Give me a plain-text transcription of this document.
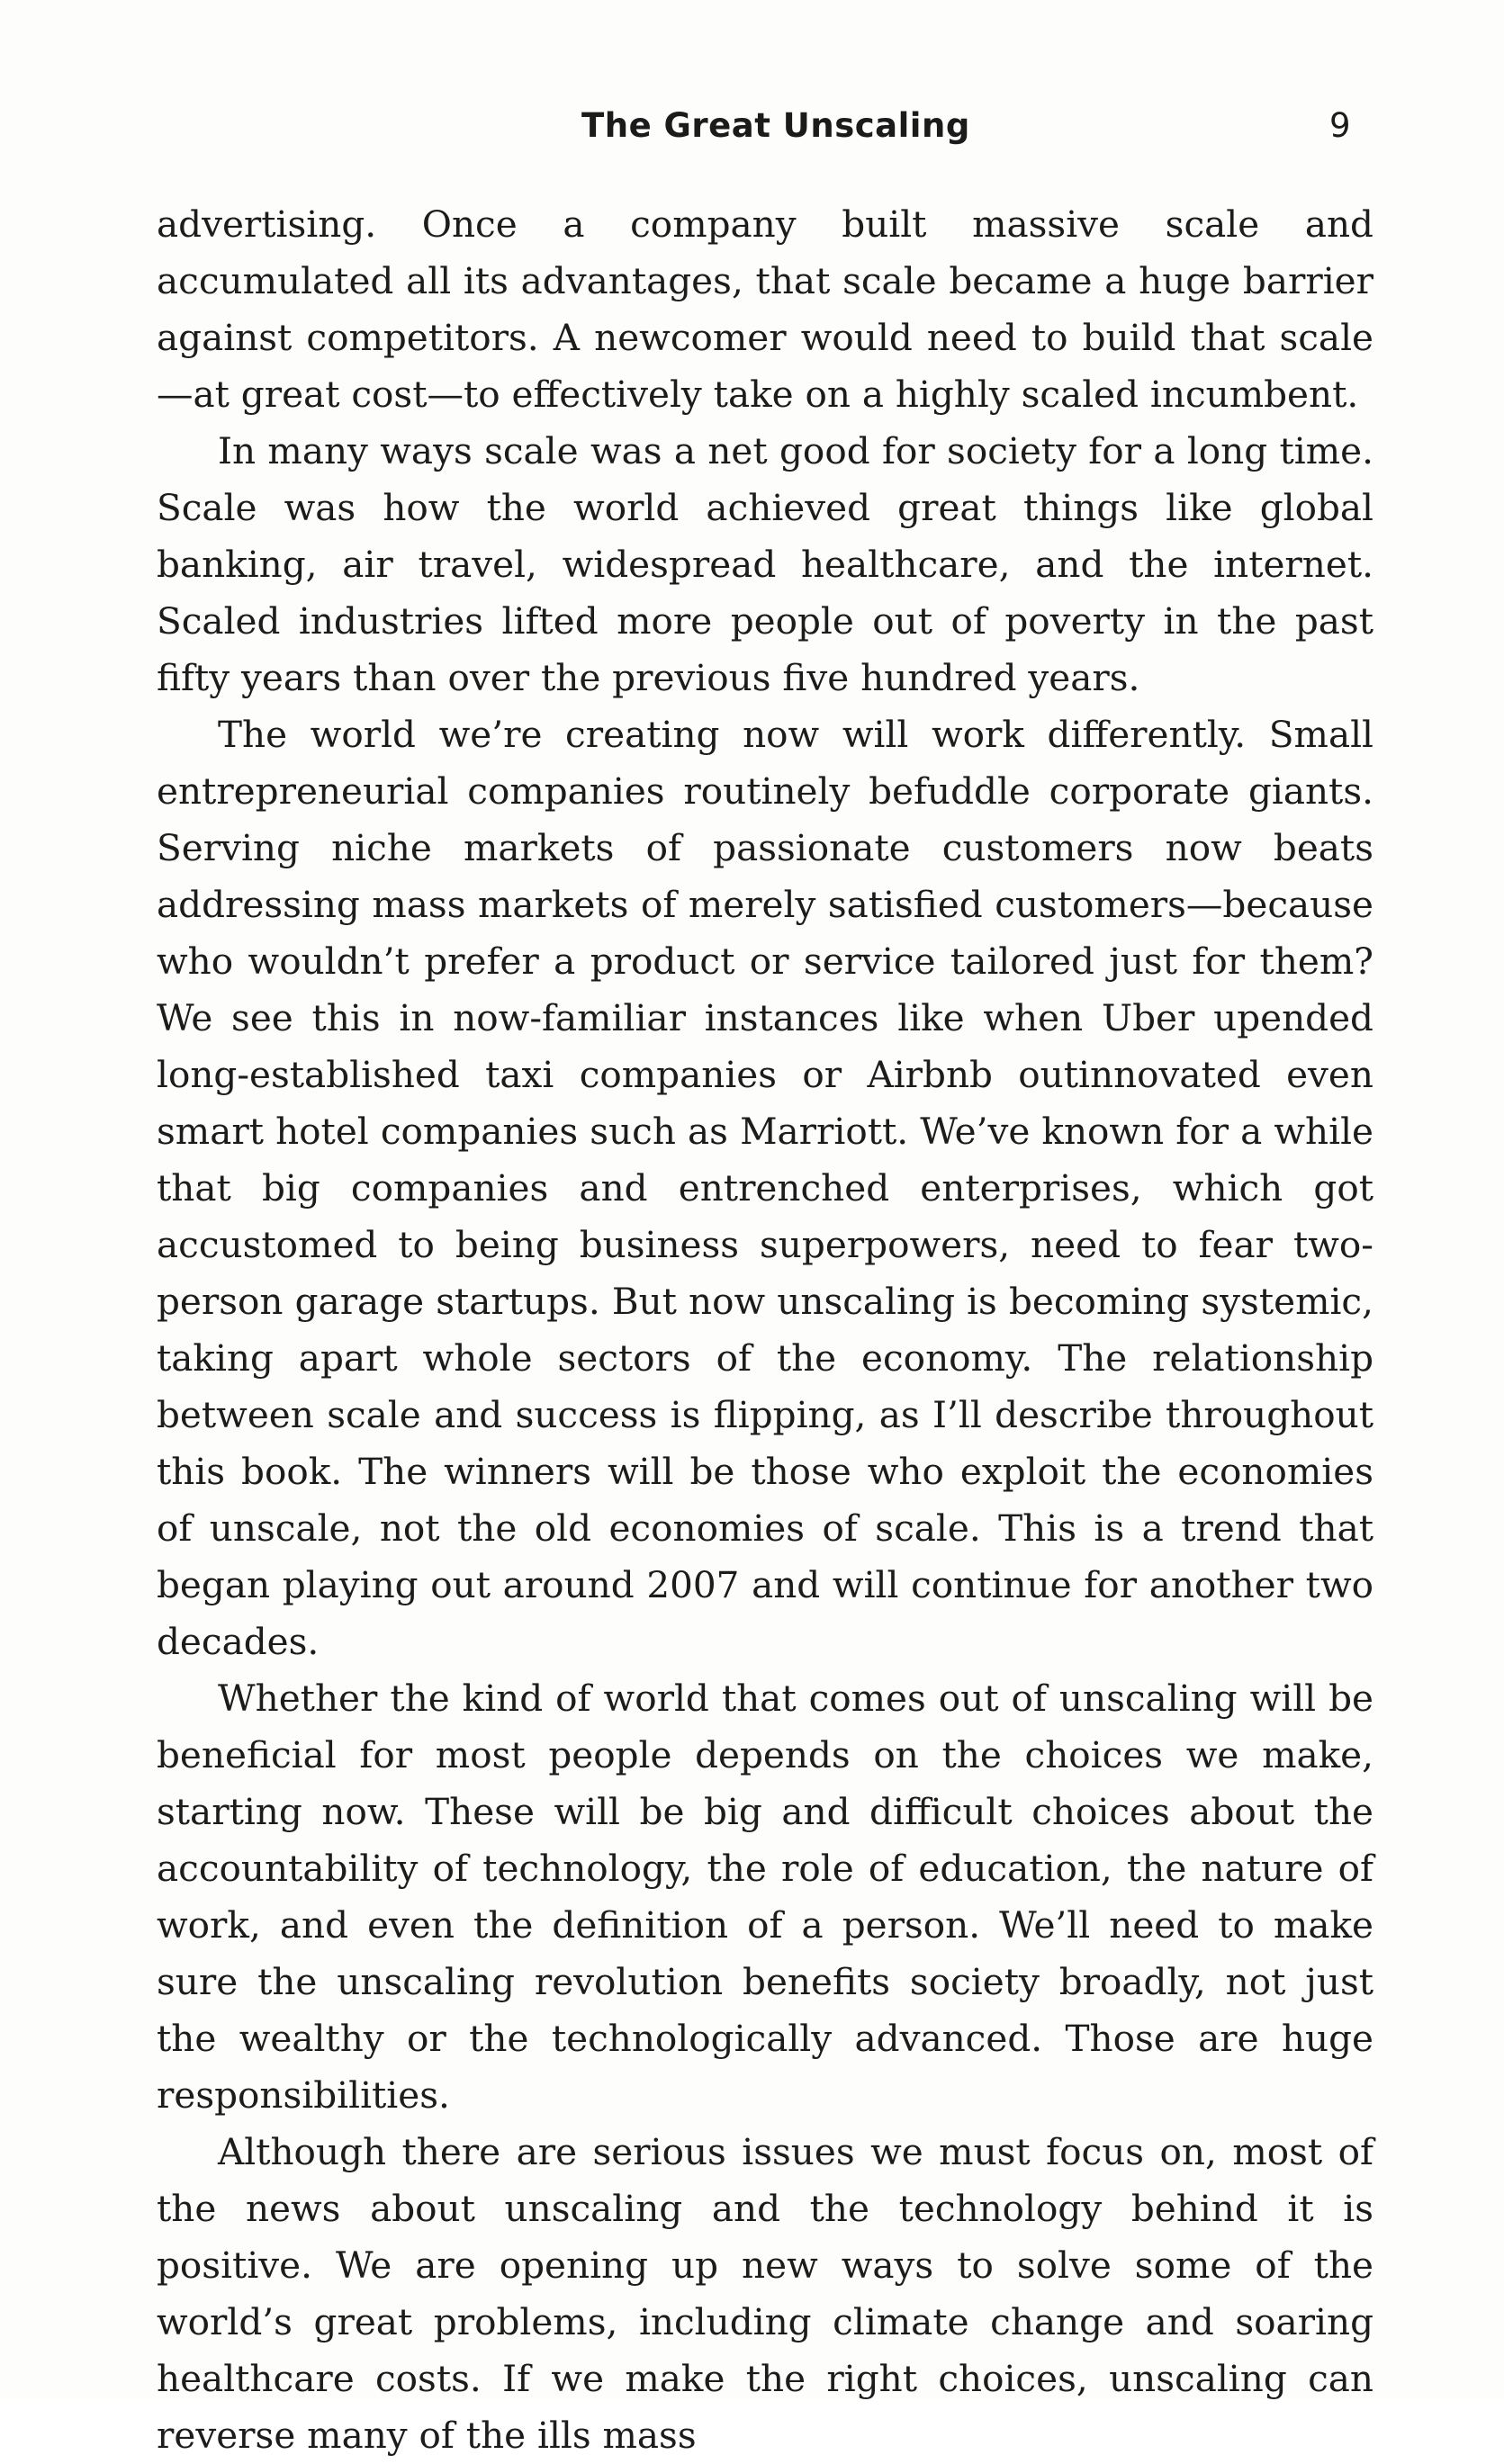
The Great Unscaling	9

advertising. Once a company built massive scale and accumulated all its advantages, that scale became a huge barrier against competitors. A newcomer would need to build that scale—at great cost—to effectively take on a highly scaled incumbent.

In many ways scale was a net good for society for a long time. Scale was how the world achieved great things like global banking, air travel, widespread healthcare, and the internet. Scaled industries lifted more people out of poverty in the past fifty years than over the previous five hundred years.

The world we’re creating now will work differently. Small entrepreneurial companies routinely befuddle corporate giants. Serving niche markets of passionate customers now beats addressing mass markets of merely satisfied customers—because who wouldn’t prefer a product or service tailored just for them? We see this in now-familiar instances like when Uber upended long-established taxi companies or Airbnb outinnovated even smart hotel companies such as Marriott. We’ve known for a while that big companies and entrenched enterprises, which got accustomed to being business superpowers, need to fear two-person garage startups. But now unscaling is becoming systemic, taking apart whole sectors of the economy. The relationship between scale and success is flipping, as I’ll describe throughout this book. The winners will be those who exploit the economies of unscale, not the old economies of scale. This is a trend that began playing out around 2007 and will continue for another two decades.

Whether the kind of world that comes out of unscaling will be beneficial for most people depends on the choices we make, starting now. These will be big and difficult choices about the accountability of technology, the role of education, the nature of work, and even the definition of a person. We’ll need to make sure the unscaling revolution benefits society broadly, not just the wealthy or the technologically advanced. Those are huge responsibilities.

Although there are serious issues we must focus on, most of the news about unscaling and the technology behind it is positive. We are opening up new ways to solve some of the world’s great problems, including climate change and soaring healthcare costs. If we make the right choices, unscaling can reverse many of the ills mass
